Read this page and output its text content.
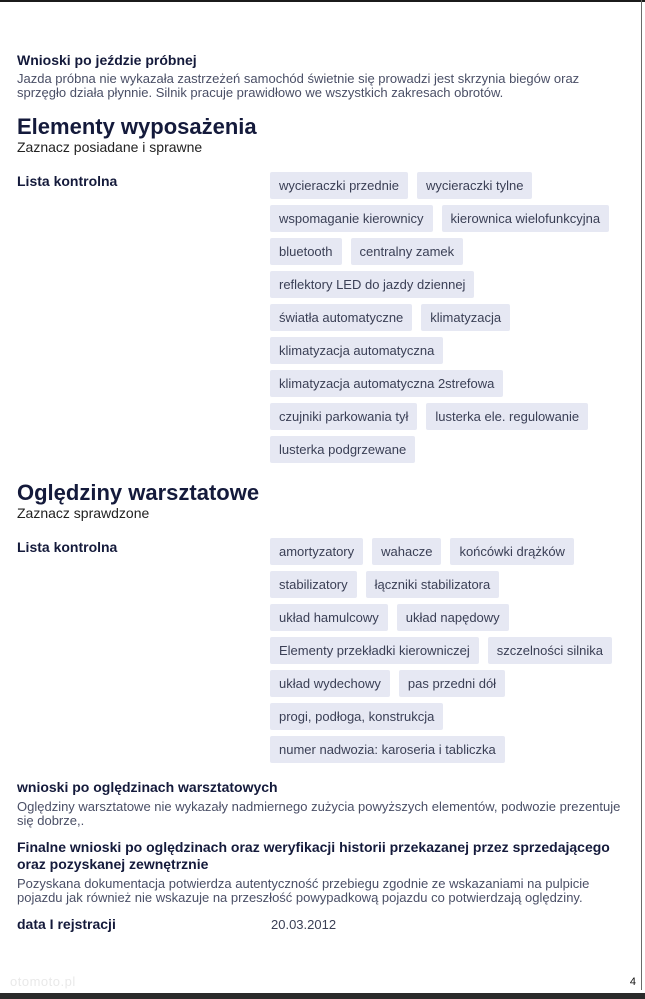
Wnioski po jeździe próbnej

Jazda próbna nie wykazała zastrzeżeń samochód świetnie się prowadzi jest skrzynia biegów oraz sprzęgło działa płynnie. Silnik pracuje prawidłowo we wszystkich zakresach obrotów.

Elementy wyposażenia

Zaznacz posiadane i sprawne

Lista kontrolna	wycieraczki przednie	wycieraczki tylne
wspomaganie kierownicy	kierownica wielofunkcyjna
bluetooth	centralny zamek
reflektory LED do jazdy dziennej
światła automatyczne	klimatyzacja
klimatyzacja automatyczna
klimatyzacja automatyczna 2strefowa
czujniki parkowania tył	lusterka ele. regulowanie
lusterka podgrzewane
Oględziny warsztatowe

Zaznacz sprawdzone

Lista kontrolna	amortyzatory	wahacze	końcówki drążków
stabilizatory	łączniki stabilizatora
układ hamulcowy	układ napędowy
Elementy przekładki kierowniczej	szczelności silnika
układ wydechowy	pas przedni dół
progi, podłoga, konstrukcja
numer nadwozia: karoseria i tabliczka
wnioski po oględzinach warsztatowych

Oględziny warsztatowe nie wykazały nadmiernego zużycia powyższych elementów, podwozie prezentuje się dobrze,.

Finalne wnioski po oględzinach oraz weryfikacji historii przekazanej przez sprzedającego oraz pozyskanej zewnętrznie

Pozyskana dokumentacja potwierdza autentyczność przebiegu zgodnie ze wskazaniami na pulpicie pojazdu jak również nie wskazuje na przeszłość powypadkową pojazdu co potwierdzają oględziny.

data I rejstracji	20.03.2012
otomoto.pl	4
